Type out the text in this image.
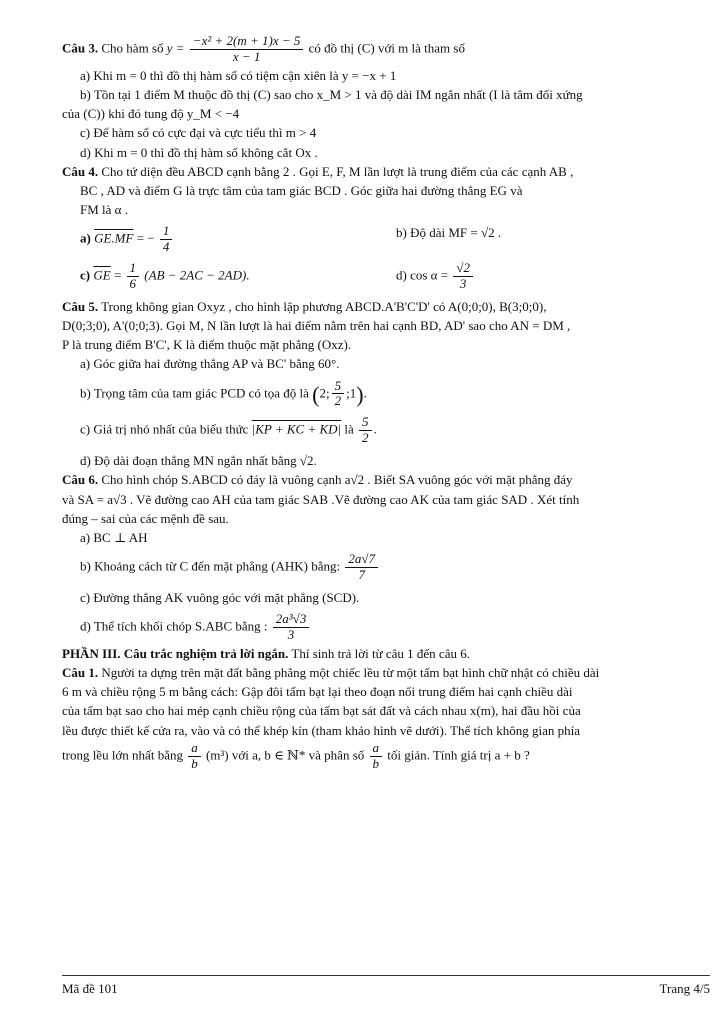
Câu 3. Cho hàm số $y = \frac{\text{−x² + 2(m + 1)x − 5}}{x - 1}$ có đồ thị (C) với m là tham số
a) Khi m = 0 thì đồ thị hàm số có tiệm cận xiên là y = −x + 1
b) Tồn tại 1 điểm M thuộc đồ thị (C) sao cho x_M > 1 và độ dài IM ngắn nhất (I là tâm đối xứng
của (C)) khi đó tung độ y_M < −4
c) Để hàm số có cực đại và cực tiểu thì m > 4
d) Khi m = 0 thì đồ thị hàm số không cắt Ox .
Câu 4. Cho tứ diện đều ABCD cạnh bằng 2 . Gọi E, F, M lần lượt là trung điểm của các cạnh AB ,
BC , AD và điểm G là trực tâm của tam giác BCD . Góc giữa hai đường thẳng EG và
FM là α .
a) GE.MF = − $\frac{1}{4}$	b) Độ dài MF = √2 .
c) $\overline{GE} = \frac{1}{6} (AB - 2AC - 2AD)$.	d) $\cos \alpha = \frac{√2}{3}$
Câu 5. Trong không gian Oxyz , cho hình lập phương ABCD.A'B'C'D' có A(0;0;0), B(3;0;0),
D(0;3;0), A'(0;0;3). Gọi M, N lần lượt là hai điểm nằm trên hai cạnh BD, AD' sao cho AN = DM ,
P là trung điểm B'C', K là điểm thuộc mặt phẳng (Oxz).
a) Góc giữa hai đường thẳng AP và BC' bằng 60°.
b) Trọng tâm của tam giác PCD có tọa độ là (2; $\frac{5}{2}$ ;1).
c) Giá trị nhỏ nhất của biểu thức |KP + KC + KD| là $\frac{5}{2}$ .
d) Độ dài đoạn thẳng MN ngắn nhất bằng √2.
Câu 6. Cho hình chóp S.ABCD có đáy là vuông cạnh a√2 . Biết SA vuông góc với mặt phẳng đáy
và SA = a√3 . Vẽ đường cao AH của tam giác SAB .Vẽ đường cao AK của tam giác SAD . Xét tính
đúng – sai của các mệnh đề sau.
a) BC ⊥ AH
b) Khoảng cách từ C đến mặt phẳng (AHK) bằng: $\frac{2a√7}{7}$
c) Đường thẳng AK vuông góc với mặt phẳng (SCD).
d) Thể tích khối chóp S.ABC bằng : $\frac{\text{2a³√3}}{3}$
PHẦN III. Câu trắc nghiệm trả lời ngắn. Thí sinh trả lời từ câu 1 đến câu 6.
Câu 1. Người ta dựng trên mặt đất bằng phẳng một chiếc lều từ một tấm bạt hình chữ nhật có chiều dài
6 m và chiều rộng 5 m bằng cách: Gập đôi tấm bạt lại theo đoạn nối trung điểm hai cạnh chiều dài
của tấm bạt sao cho hai mép cạnh chiều rộng của tấm bạt sát đất và cách nhau x(m), hai đầu hồi của
lều được thiết kế cửa ra, vào và có thể khép kín (tham khảo hình vẽ dưới). Thể tích không gian phía
trong lều lớn nhất bằng $\frac{a}{b} (m^3)$ với a, b ∈ ℕ* và phân số $\frac{a}{b}$ tối giản. Tính giá trị a + b ?
Mã đề 101	Trang 4/5
